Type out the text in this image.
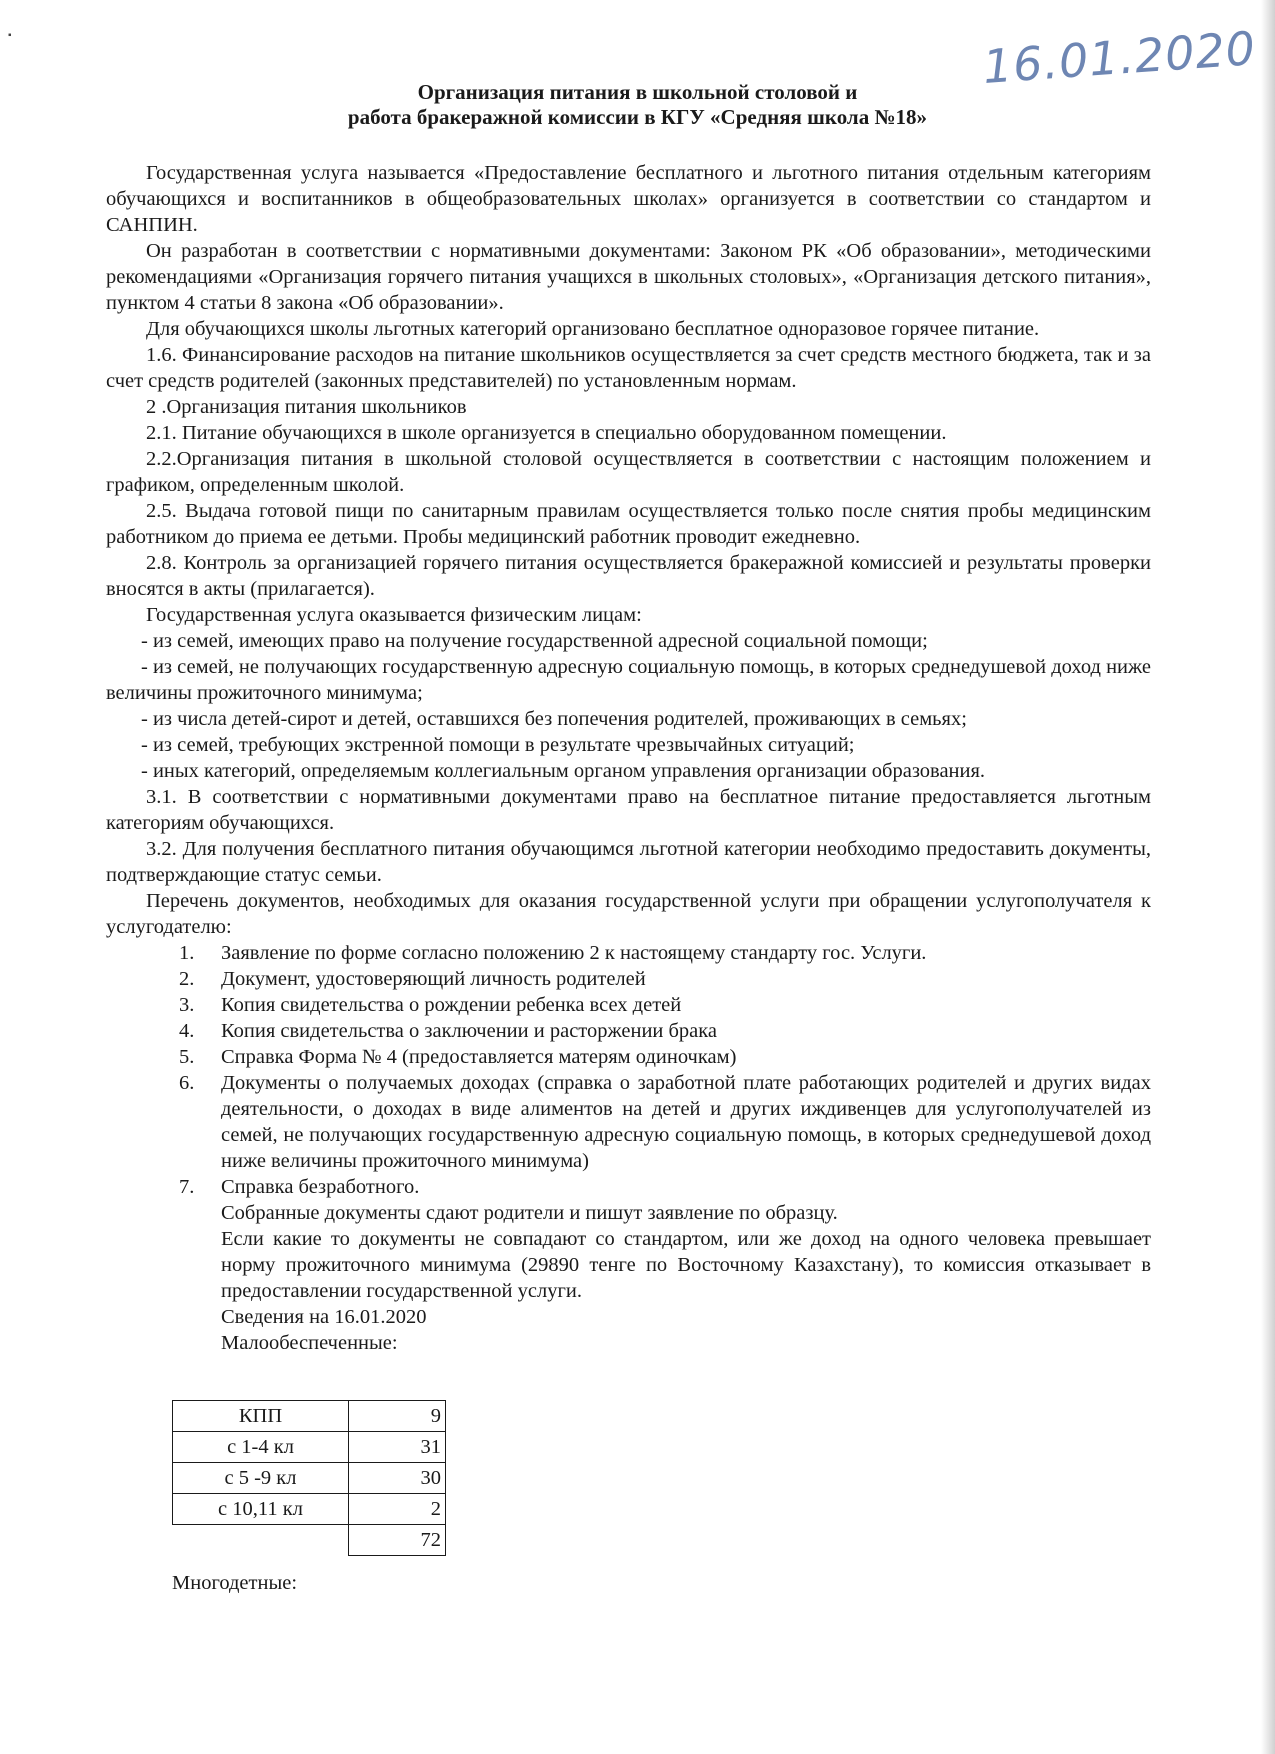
▪	16.01.2020
Организация питания в школьной столовой и
работа бракеражной комиссии в КГУ «Средняя школа №18»

Государственная услуга называется «Предоставление бесплатного и льготного питания отдельным категориям обучающихся и воспитанников в общеобразовательных школах» организуется в соответствии со стандартом и САНПИН.

Он разработан в соответствии с нормативными документами: Законом РК «Об образовании», методическими рекомендациями «Организация горячего питания учащихся в школьных столовых», «Организация детского питания», пунктом 4 статьи 8 закона «Об образовании».

Для обучающихся школы льготных категорий организовано бесплатное одноразовое горячее питание.

1.6. Финансирование расходов на питание школьников осуществляется за счет средств местного бюджета, так и за счет средств родителей (законных представителей) по установленным нормам.

2 .Организация питания школьников

2.1. Питание обучающихся в школе организуется в специально оборудованном помещении.

2.2.Организация питания в школьной столовой осуществляется в соответствии с настоящим положением и графиком, определенным школой.

2.5. Выдача готовой пищи по санитарным правилам осуществляется только после снятия пробы медицинским работником до приема ее детьми. Пробы медицинский работник проводит ежедневно.

2.8. Контроль за организацией горячего питания осуществляется бракеражной комиссией и результаты проверки вносятся в акты (прилагается).

Государственная услуга оказывается физическим лицам:

- из семей, имеющих право на получение государственной адресной социальной помощи;

- из семей, не получающих государственную адресную социальную помощь, в которых среднедушевой доход ниже величины прожиточного минимума;

- из числа детей-сирот и детей, оставшихся без попечения родителей, проживающих в семьях;

- из семей, требующих экстренной помощи в результате чрезвычайных ситуаций;

- иных категорий, определяемым коллегиальным органом управления организации образования.

3.1. В соответствии с нормативными документами право на бесплатное питание предоставляется льготным категориям обучающихся.

3.2. Для получения бесплатного питания обучающимся льготной категории необходимо предоставить документы, подтверждающие статус семьи.

Перечень документов, необходимых для оказания государственной услуги при обращении услугополучателя к услугодателю:

1. Заявление по форме согласно положению 2 к настоящему стандарту гос. Услуги.
2. Документ, удостоверяющий личность родителей
3. Копия свидетельства о рождении ребенка всех детей
4. Копия свидетельства о заключении и расторжении брака
5. Справка Форма № 4 (предоставляется матерям одиночкам)
6. Документы о получаемых доходах (справка о заработной плате работающих родителей и других видах деятельности, о доходах в виде алиментов на детей и других иждивенцев для услугополучателей из семей, не получающих государственную адресную социальную помощь, в которых среднедушевой доход ниже величины прожиточного минимума)
7. Справка безработного.

Собранные документы сдают родители и пишут заявление по образцу.

Если какие то документы не совпадают со стандартом, или же доход на одного человека превышает норму прожиточного минимума (29890 тенге по Восточному Казахстану), то комиссия отказывает в предоставлении государственной услуги.

Сведения на 16.01.2020

Малообеспеченные:

КПП	9
с 1-4 кл	31
с 5 -9 кл	30
с 10,11 кл	2
	72
Многодетные:
